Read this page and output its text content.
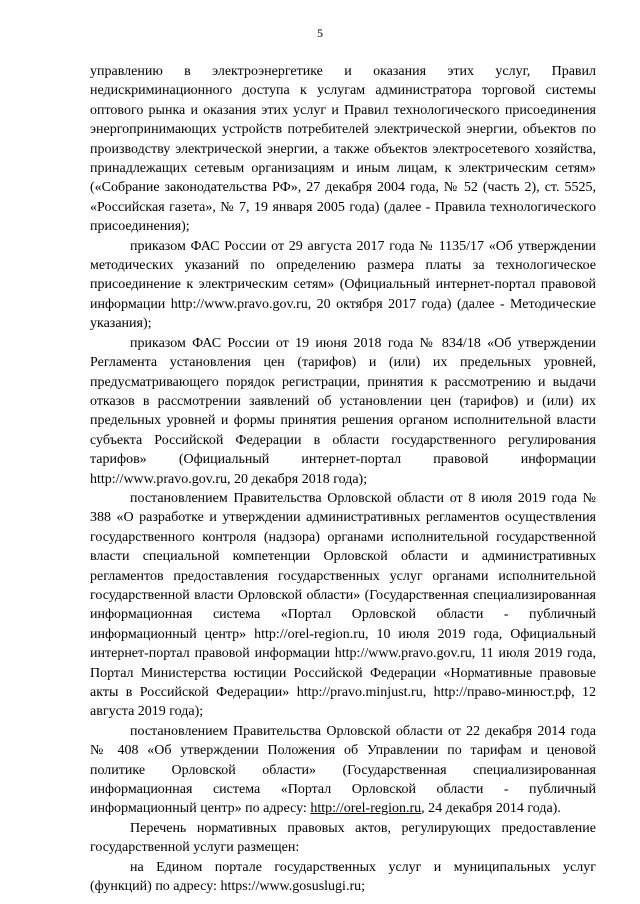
5

управлению в электроэнергетике и оказания этих услуг, Правил недискриминационного доступа к услугам администратора торговой системы оптового рынка и оказания этих услуг и Правил технологического присоединения энергопринимающих устройств потребителей электрической энергии, объектов по производству электрической энергии, а также объектов электросетевого хозяйства, принадлежащих сетевым организациям и иным лицам, к электрическим сетям» («Собрание законодательства РФ», 27 декабря 2004 года, № 52 (часть 2), ст. 5525, «Российская газета», № 7, 19 января 2005 года) (далее - Правила технологического присоединения);

приказом ФАС России от 29 августа 2017 года № 1135/17 «Об утверждении методических указаний по определению размера платы за технологическое присоединение к электрическим сетям» (Официальный интернет-портал правовой информации http://www.pravo.gov.ru, 20 октября 2017 года) (далее - Методические указания);

приказом ФАС России от 19 июня 2018 года № 834/18 «Об утверждении Регламента установления цен (тарифов) и (или) их предельных уровней, предусматривающего порядок регистрации, принятия к рассмотрению и выдачи отказов в рассмотрении заявлений об установлении цен (тарифов) и (или) их предельных уровней и формы принятия решения органом исполнительной власти субъекта Российской Федерации в области государственного регулирования тарифов» (Официальный интернет-портал правовой информации http://www.pravo.gov.ru, 20 декабря 2018 года);

постановлением Правительства Орловской области от 8 июля 2019 года № 388 «О разработке и утверждении административных регламентов осуществления государственного контроля (надзора) органами исполнительной государственной власти специальной компетенции Орловской области и административных регламентов предоставления государственных услуг органами исполнительной государственной власти Орловской области» (Государственная специализированная информационная система «Портал Орловской области - публичный информационный центр» http://orel-region.ru, 10 июля 2019 года, Официальный интернет-портал правовой информации http://www.pravo.gov.ru, 11 июля 2019 года, Портал Министерства юстиции Российской Федерации «Нормативные правовые акты в Российской Федерации» http://pravo.minjust.ru, http://право-минюст.рф, 12 августа 2019 года);

постановлением Правительства Орловской области от 22 декабря 2014 года № 408 «Об утверждении Положения об Управлении по тарифам и ценовой политике Орловской области» (Государственная специализированная информационная система «Портал Орловской области - публичный информационный центр» по адресу: http://orel-region.ru, 24 декабря 2014 года).

Перечень нормативных правовых актов, регулирующих предоставление государственной услуги размещен:

на Едином портале государственных услуг и муниципальных услуг (функций) по адресу: https://www.gosuslugi.ru;
